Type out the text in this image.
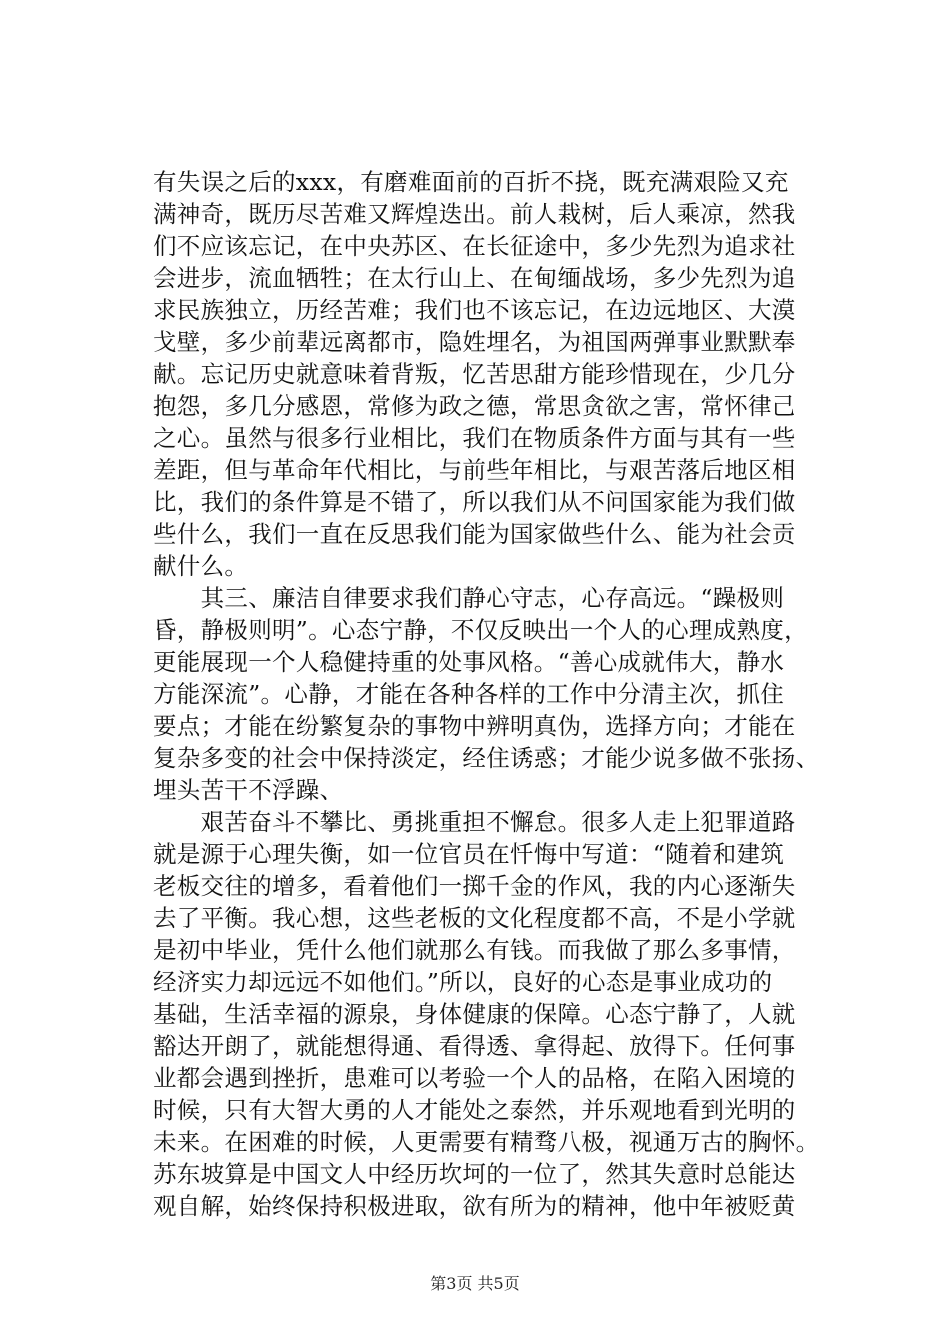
有失误之后的xxx，有磨难面前的百折不挠，既充满艰险又充
满神奇，既历尽苦难又辉煌迭出。前人栽树，后人乘凉，然我
们不应该忘记，在中央苏区、在长征途中，多少先烈为追求社
会进步，流血牺牲；在太行山上、在甸缅战场，多少先烈为追
求民族独立，历经苦难；我们也不该忘记，在边远地区、大漠
戈壁，多少前辈远离都市，隐姓埋名，为祖国两弹事业默默奉
献。忘记历史就意味着背叛，忆苦思甜方能珍惜现在，少几分
抱怨，多几分感恩，常修为政之德，常思贪欲之害，常怀律己
之心。虽然与很多行业相比，我们在物质条件方面与其有一些
差距，但与革命年代相比，与前些年相比，与艰苦落后地区相
比，我们的条件算是不错了，所以我们从不问国家能为我们做
些什么，我们一直在反思我们能为国家做些什么、能为社会贡
献什么。
　　其三、廉洁自律要求我们静心守志，心存高远。“躁极则
昏，静极则明”。心态宁静，不仅反映出一个人的心理成熟度，
更能展现一个人稳健持重的处事风格。“善心成就伟大，静水
方能深流”。心静，才能在各种各样的工作中分清主次，抓住
要点；才能在纷繁复杂的事物中辨明真伪，选择方向；才能在
复杂多变的社会中保持淡定，经住诱惑；才能少说多做不张扬、
埋头苦干不浮躁、
　　艰苦奋斗不攀比、勇挑重担不懈怠。很多人走上犯罪道路
就是源于心理失衡，如一位官员在忏悔中写道：“随着和建筑
老板交往的增多，看着他们一掷千金的作风，我的内心逐渐失
去了平衡。我心想，这些老板的文化程度都不高，不是小学就
是初中毕业，凭什么他们就那么有钱。而我做了那么多事情，
经济实力却远远不如他们。”所以，良好的心态是事业成功的
基础，生活幸福的源泉，身体健康的保障。心态宁静了，人就
豁达开朗了，就能想得通、看得透、拿得起、放得下。任何事
业都会遇到挫折，患难可以考验一个人的品格，在陷入困境的
时候，只有大智大勇的人才能处之泰然，并乐观地看到光明的
未来。在困难的时候，人更需要有精骛八极，视通万古的胸怀。
苏东坡算是中国文人中经历坎坷的一位了，然其失意时总能达
观自解，始终保持积极进取，欲有所为的精神，他中年被贬黄
第3页 共5页
